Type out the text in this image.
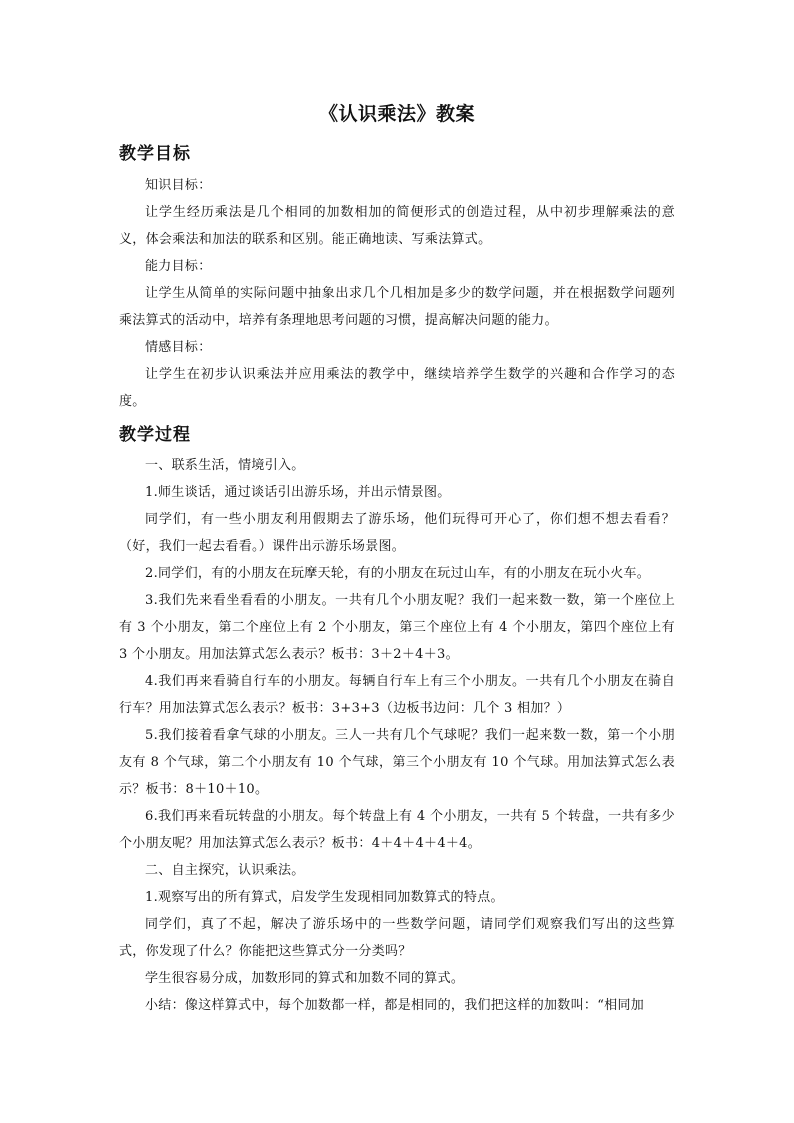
《认识乘法》教案
教学目标

知识目标：

让学生经历乘法是几个相同的加数相加的简便形式的创造过程，从中初步理解乘法的意义，体会乘法和加法的联系和区别。能正确地读、写乘法算式。

能力目标：

让学生从简单的实际问题中抽象出求几个几相加是多少的数学问题，并在根据数学问题列乘法算式的活动中，培养有条理地思考问题的习惯，提高解决问题的能力。

情感目标：

让学生在初步认识乘法并应用乘法的教学中，继续培养学生数学的兴趣和合作学习的态度。

教学过程

一、联系生活，情境引入。

1.师生谈话，通过谈话引出游乐场，并出示情景图。

同学们，有一些小朋友利用假期去了游乐场，他们玩得可开心了，你们想不想去看看？（好，我们一起去看看。）课件出示游乐场景图。

2.同学们，有的小朋友在玩摩天轮，有的小朋友在玩过山车，有的小朋友在玩小火车。

3.我们先来看坐看看的小朋友。一共有几个小朋友呢？我们一起来数一数，第一个座位上有 3 个小朋友，第二个座位上有 2 个小朋友，第三个座位上有 4 个小朋友，第四个座位上有 3 个小朋友。用加法算式怎么表示？板书：3＋2＋4＋3。

4.我们再来看骑自行车的小朋友。每辆自行车上有三个小朋友。一共有几个小朋友在骑自行车？用加法算式怎么表示？板书：3+3+3（边板书边问：几个 3 相加？）

5.我们接着看拿气球的小朋友。三人一共有几个气球呢？我们一起来数一数，第一个小朋友有 8 个气球，第二个小朋友有 10 个气球，第三个小朋友有 10 个气球。用加法算式怎么表示？板书：8＋10＋10。

6.我们再来看玩转盘的小朋友。每个转盘上有 4 个小朋友，一共有 5 个转盘，一共有多少个小朋友呢？用加法算式怎么表示？板书：4＋4＋4＋4＋4。

二、自主探究，认识乘法。

1.观察写出的所有算式，启发学生发现相同加数算式的特点。

同学们，真了不起，解决了游乐场中的一些数学问题，请同学们观察我们写出的这些算式，你发现了什么？你能把这些算式分一分类吗？

学生很容易分成，加数形同的算式和加数不同的算式。

小结：像这样算式中，每个加数都一样，都是相同的，我们把这样的加数叫：“相同加
